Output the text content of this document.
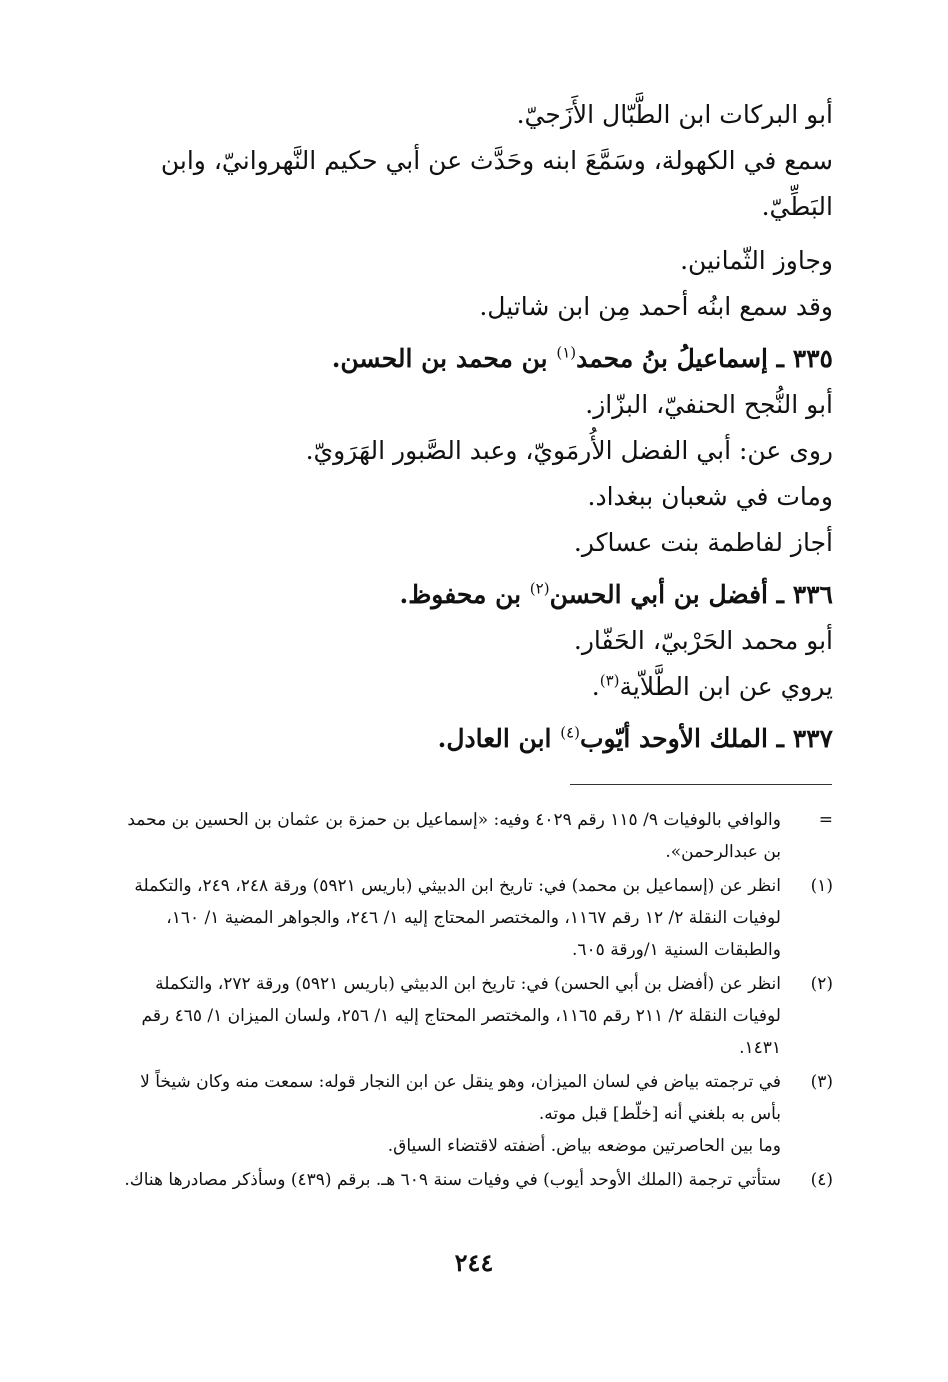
أبو البركات ابن الطَّبّال الأَزَجيّ.

سمع في الكهولة، وسَمَّعَ ابنه وحَدَّث عن أبي حكيم النَّهروانيّ، وابن البَطِّيّ.

وجاوز الثّمانين.

وقد سمع ابنُه أحمد مِن ابن شاتيل.

٣٣٥ ـ إسماعيلُ بنُ محمد$^{(١)}$ بن محمد بن الحسن.

أبو النُّجح الحنفيّ، البزّاز.

روى عن: أبي الفضل الأُرمَويّ، وعبد الصَّبور الهَرَويّ.

ومات في شعبان ببغداد.

أجاز لفاطمة بنت عساكر.

٣٣٦ ـ أفضل بن أبي الحسن$^{(٢)}$ بن محفوظ.

أبو محمد الحَرْبيّ، الحَفّار.

يروي عن ابن الطَّلاّية$^{(٣)}$.

٣٣٧ ـ الملك الأوحد أيّوب$^{(٤)}$ ابن العادل.

=
والوافي بالوفيات ٩/ ١١٥ رقم ٤٠٢٩ وفيه: «إسماعيل بن حمزة بن عثمان بن الحسين بن محمد بن عبدالرحمن».
(١)
انظر عن (إسماعيل بن محمد) في: تاريخ ابن الدبيثي (باريس ٥٩٢١) ورقة ٢٤٨، ٢٤٩، والتكملة لوفيات النقلة ٢/ ١٢ رقم ١١٦٧، والمختصر المحتاج إليه ١/ ٢٤٦، والجواهر المضية ١/ ١٦٠، والطبقات السنية ١/ورقة ٦٠٥.
(٢)
انظر عن (أفضل بن أبي الحسن) في: تاريخ ابن الدبيثي (باريس ٥٩٢١) ورقة ٢٧٢، والتكملة لوفيات النقلة ٢/ ٢١١ رقم ١١٦٥، والمختصر المحتاج إليه ١/ ٢٥٦، ولسان الميزان ١/ ٤٦٥ رقم ١٤٣١.
(٣)
في ترجمته بياض في لسان الميزان، وهو ينقل عن ابن النجار قوله: سمعت منه وكان شيخاً لا بأس به بلغني أنه [خلّط] قبل موته.
وما بين الحاصرتين موضعه بياض. أضفته لاقتضاء السياق.
(٤)
ستأتي ترجمة (الملك الأوحد أيوب) في وفيات سنة ٦٠٩ هـ. برقم (٤٣٩) وسأذكر مصادرها هناك.
٢٤٤
